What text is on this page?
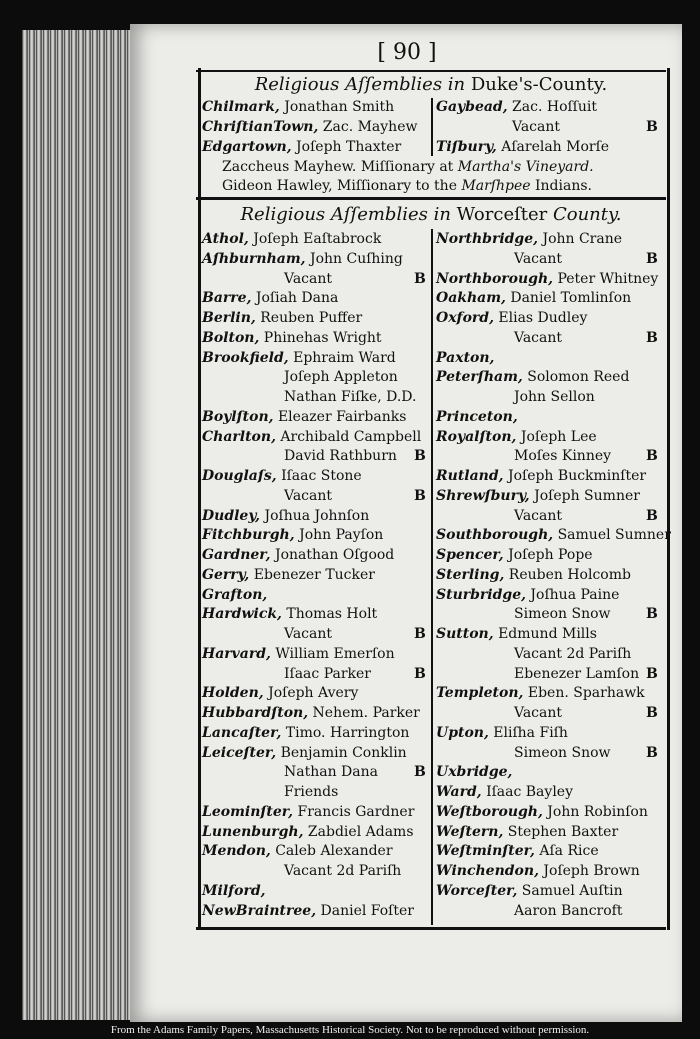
[ 90 ]
Religious Aſſemblies in Duke's-County.
Chilmark, Jonathan Smith
ChriſtianTown, Zac. Mayhew
Edgartown, Joſeph Thaxter
Gaybead, Zac. Hoſſuit
Vacant
Tiſbury, Aſarelah Morſe
B
Zaccheus Mayhew. Miſſionary at Martha's Vineyard.
Gideon Hawley, Miſſionary to the Marſhpee Indians.
Religious Aſſemblies in Worceſter County.
Athol, Joſeph Eaſtabrock
Aſhburnham, John Cuſhing
Vacant
Barre, Joſiah Dana
Berlin, Reuben Puffer
Bolton, Phinehas Wright
Brookfield, Ephraim Ward
Joſeph Appleton
Nathan Fiſke, D.D.
Boylſton, Eleazer Fairbanks
Charlton, Archibald Campbell
David Rathburn
Douglaſs, Iſaac Stone
Vacant
Dudley, Joſhua Johnſon
Fitchburgh, John Payſon
Gardner, Jonathan Oſgood
Gerry, Ebenezer Tucker
Grafton,
Hardwick, Thomas Holt
Vacant
Harvard, William Emerſon
Iſaac Parker
Holden, Joſeph Avery
Hubbardſton, Nehem. Parker
Lancaſter, Timo. Harrington
Leiceſter, Benjamin Conklin
Nathan Dana
Friends
Leominſter, Francis Gardner
Lunenburgh, Zabdiel Adams
Mendon, Caleb Alexander
Vacant 2d Pariſh
Milford,
NewBraintree, Daniel Foſter
B
B
B
B
B
B
Northbridge, John Crane
Vacant
Northborough, Peter Whitney
Oakham, Daniel Tomlinſon
Oxford, Elias Dudley
Vacant
Paxton,
Peterſham, Solomon Reed
John Sellon
Princeton,
Royalſton, Joſeph Lee
Moſes Kinney
Rutland, Joſeph Buckminſter
Shrewſbury, Joſeph Sumner
Vacant
Southborough, Samuel Sumner
Spencer, Joſeph Pope
Sterling, Reuben Holcomb
Sturbridge, Joſhua Paine
Simeon Snow
Sutton, Edmund Mills
Vacant 2d Pariſh
Ebenezer Lamſon
Templeton, Eben. Sparhawk
Vacant
Upton, Eliſha Fiſh
Simeon Snow
Uxbridge,
Ward, Iſaac Bayley
Weſtborough, John Robinſon
Weſtern, Stephen Baxter
Weſtminſter, Aſa Rice
Winchendon, Joſeph Brown
Worceſter, Samuel Auſtin
Aaron Bancroft
B
B
B
B
B
B
B
B
From the Adams Family Papers, Massachusetts Historical Society. Not to be reproduced without permission.
